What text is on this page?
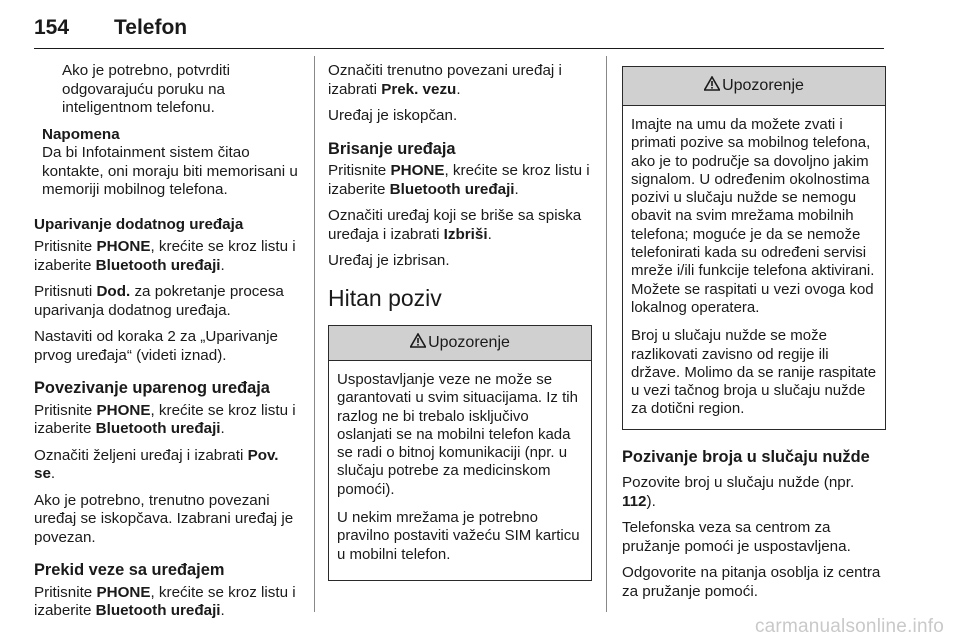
154 Telefon

Ako je potrebno, potvrditi odgovarajuću poruku na inteligentnom telefonu.

Napomena
Da bi Infotainment sistem čitao kontakte, oni moraju biti memorisani u memoriji mobilnog telefona.
Uparivanje dodatnog uređaja

Pritisnite PHONE, krećite se kroz listu i izaberite Bluetooth uređaji.

Pritisnuti Dod. za pokretanje procesa uparivanja dodatnog uređaja.

Nastaviti od koraka 2 za „Uparivanje prvog uređaja“ (videti iznad).

Povezivanje uparenog uređaja

Pritisnite PHONE, krećite se kroz listu i izaberite Bluetooth uređaji.

Označiti željeni uređaj i izabrati Pov. se.

Ako je potrebno, trenutno povezani uređaj se iskopčava. Izabrani uređaj je povezan.

Prekid veze sa uređajem

Pritisnite PHONE, krećite se kroz listu i izaberite Bluetooth uređaji.

Označiti trenutno povezani uređaj i izabrati Prek. vezu.

Uređaj je iskopčan.

Brisanje uređaja

Pritisnite PHONE, krećite se kroz listu i izaberite Bluetooth uređaji.

Označiti uređaj koji se briše sa spiska uređaja i izabrati Izbriši.

Uređaj je izbrisan.

Hitan poziv
Upozorenje

Uspostavljanje veze ne može se garantovati u svim situacijama. Iz tih razlog ne bi trebalo isključivo oslanjati se na mobilni telefon kada se radi o bitnoj komunikaciji (npr. u slučaju potrebe za medicinskom pomoći).

U nekim mrežama je potrebno pravilno postaviti važeću SIM karticu u mobilni telefon.

Upozorenje

Imajte na umu da možete zvati i primati pozive sa mobilnog telefona, ako je to područje sa dovoljno jakim signalom. U određenim okolnostima pozivi u slučaju nužde se nemogu obavit na svim mrežama mobilnih telefona; moguće je da se nemože telefonirati kada su određeni servisi mreže i/ili funkcije telefona aktivirani. Možete se raspitati u vezi ovoga kod lokalnog operatera.

Broj u slučaju nužde se može razlikovati zavisno od regije ili države. Molimo da se ranije raspitate u vezi tačnog broja u slučaju nužde za dotični region.

Pozivanje broja u slučaju nužde

Pozovite broj u slučaju nužde (npr. 112).

Telefonska veza sa centrom za pružanje pomoći je uspostavljena.

Odgovorite na pitanja osoblja iz centra za pružanje pomoći.

carmanualsonline.info
